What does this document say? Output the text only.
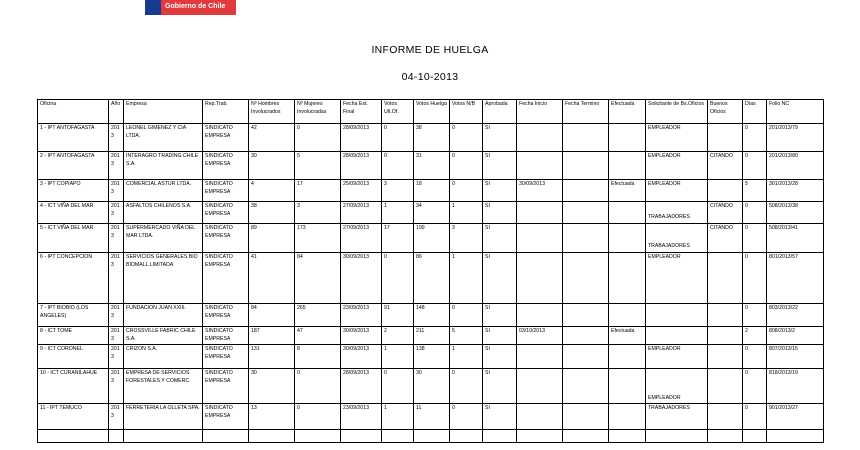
Gobierno de Chile
INFORME DE HUELGA
04-10-2013
Oficina	Año	Empresa	Rep.Trab.	Nº Hombres Involucrados	Nº Mujeres Involucradas	Fecha Est. Final	Votos Ult.Of.	Votos Huelga	Votos N/B	Aprobada	Fecha Inicio	Fecha Termino	Efectuada	Solicitante de Bs.Oficios	Buenos Oficios	Días	Folio NC
1 - IPT ANTOFAGASTA	2013	LEONEL GIMENEZ Y CIA LTDA.	SINDICATO EMPRESA	42	0	28/09/2013	0	38	0	SI				EMPLEADOR		0	201/2013/79
2 - IPT ANTOFAGASTA	2013	INTERAGRO TRADING CHILE S.A.	SINDICATO EMPRESA	30	5	28/09/2013	0	31	0	SI				EMPLEADOR	CITANDO	0	201/2013/80
3 - IPT COPIAPO	2013	COMERCIAL ASTUR LTDA.	SINDICATO EMPRESA	4	17	25/09/2013	3	18	0	SI	30/09/2013		Efectuada	EMPLEADOR		5	301/2013/28
4 - ICT VIÑA DEL MAR	2013	ASFALTOS CHILENOS S.A.	SINDICATO EMPRESA	38	3	27/09/2013	1	34	1	SI				TRABAJADORES	CITANDO	0	508/2013/38
5 - ICT VIÑA DEL MAR	2013	SUPERMERCADO VIÑA DEL MAR LTDA.	SINDICATO EMPRESA	89	173	27/09/2013	17	199	3	SI				TRABAJADORES	CITANDO	0	508/2013/41
6 - IPT CONCEPCION	2013	SERVICIOS GENERALES BIO BIOMALL LIMITADA	SINDICATO EMPRESA	41	84	30/09/2013	0	86	1	SI				EMPLEADOR		0	801/2013/57
7 - IPT BIOBIO (LOS ANGELES)	2013	FUNDACION JUAN XXIII.	SINDICATO EMPRESA	84	265	23/09/2013	91	148	0	SI						0	803/2013/22
8 - ICT TOME	2013	CROSSVILLE FABRIC CHILE S.A.	SINDICATO EMPRESA	187	47	30/09/2013	2	211	5	SI	03/10/2013		Efectuada			2	808/2013/2
9 - ICT CORONEL	2013	CRIZON S.A.	SINDICATO EMPRESA	131	8	30/09/2013	1	138	1	SI				EMPLEADOR		0	807/2013/15
10 - ICT CURANILAHUE	2013	EMPRESA DE SERVICIOS FORESTALES Y COMERC.	SINDICATO EMPRESA	30	0	28/09/2013	0	30	0	SI				EMPLEADOR		0	818/2013/19
11 - IPT TEMUCO	2013	FERRETERIA LA OLLETA SPA.	SINDICATO EMPRESA	13	0	23/09/2013	1	11	0	SI				TRABAJADORES		0	901/2013/27
